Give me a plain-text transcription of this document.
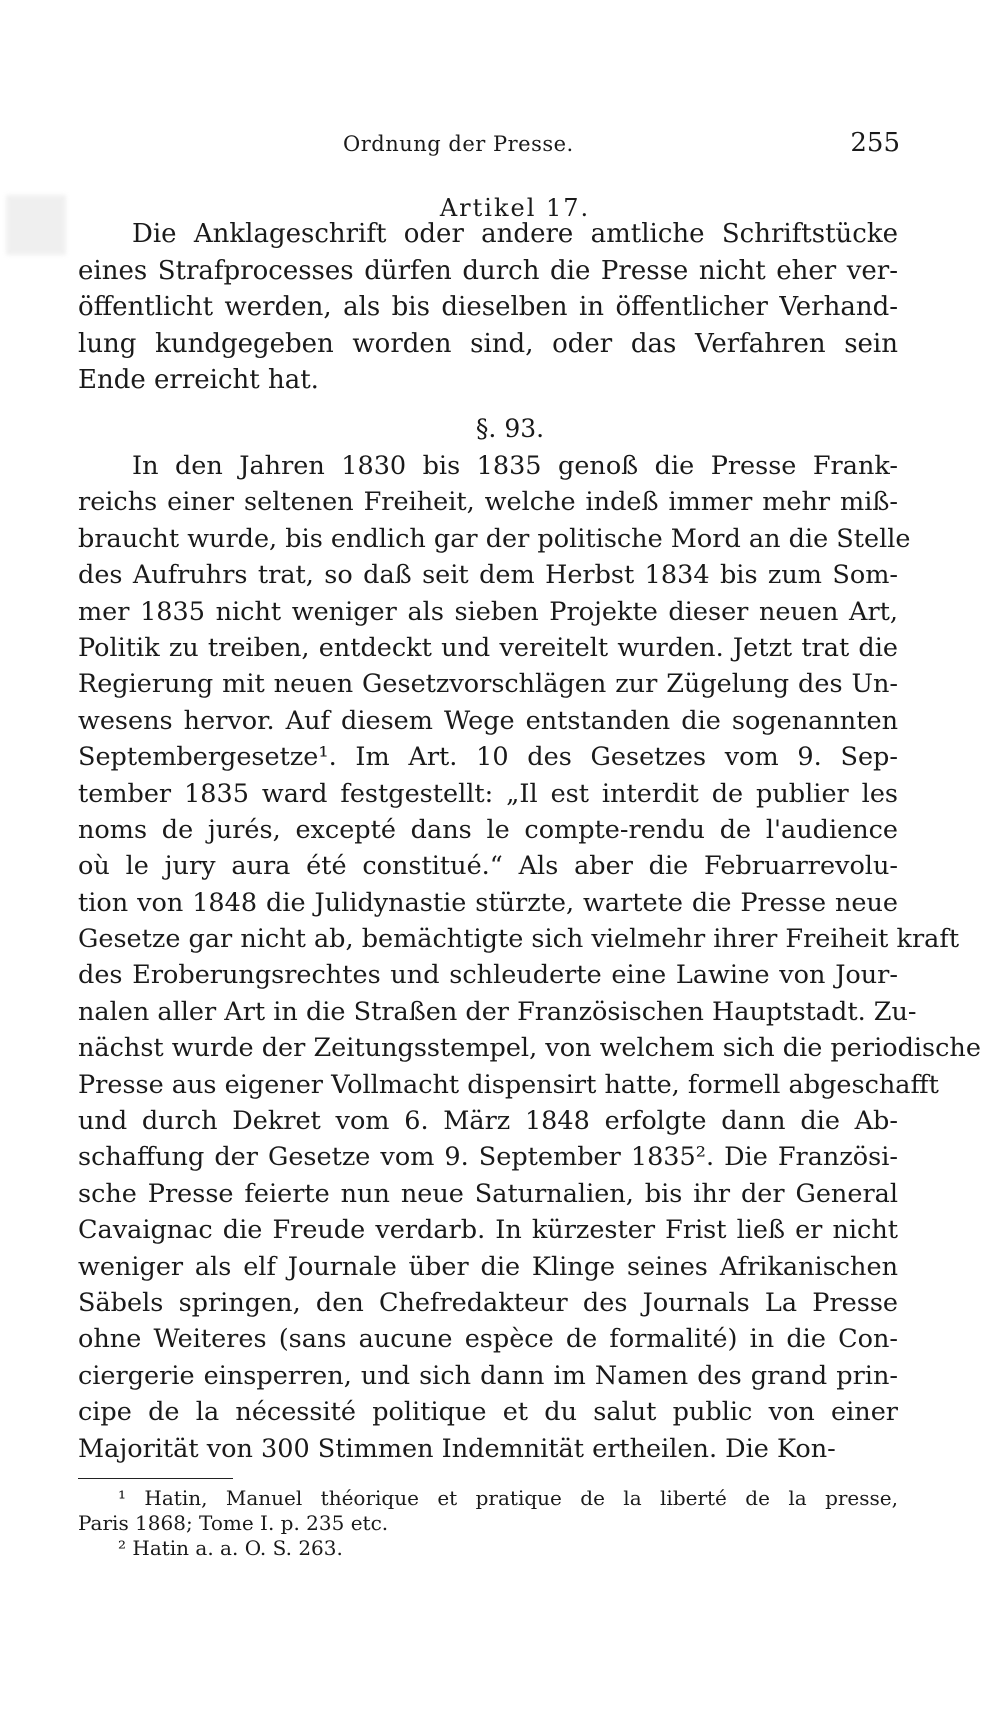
Ordnung der Presse.	255
Artikel 17.
Die Anklageschrift oder andere amtliche Schriftstücke
eines Strafprocesses dürfen durch die Presse nicht eher ver-
öffentlicht werden, als bis dieselben in öffentlicher Verhand-
lung kundgegeben worden sind, oder das Verfahren sein
Ende erreicht hat.
§. 93.
In den Jahren 1830 bis 1835 genoß die Presse Frank-
reichs einer seltenen Freiheit, welche indeß immer mehr miß-
braucht wurde, bis endlich gar der politische Mord an die Stelle
des Aufruhrs trat, so daß seit dem Herbst 1834 bis zum Som-
mer 1835 nicht weniger als sieben Projekte dieser neuen Art,
Politik zu treiben, entdeckt und vereitelt wurden. Jetzt trat die
Regierung mit neuen Gesetzvorschlägen zur Zügelung des Un-
wesens hervor. Auf diesem Wege entstanden die sogenannten
Septembergesetze¹. Im Art. 10 des Gesetzes vom 9. Sep-
tember 1835 ward festgestellt: „Il est interdit de publier les
noms de jurés, excepté dans le compte-rendu de l'audience
où le jury aura été constitué.“ Als aber die Februarrevolu-
tion von 1848 die Julidynastie stürzte, wartete die Presse neue
Gesetze gar nicht ab, bemächtigte sich vielmehr ihrer Freiheit kraft
des Eroberungsrechtes und schleuderte eine Lawine von Jour-
nalen aller Art in die Straßen der Französischen Hauptstadt. Zu-
nächst wurde der Zeitungsstempel, von welchem sich die periodische
Presse aus eigener Vollmacht dispensirt hatte, formell abgeschafft
und durch Dekret vom 6. März 1848 erfolgte dann die Ab-
schaffung der Gesetze vom 9. September 1835². Die Französi-
sche Presse feierte nun neue Saturnalien, bis ihr der General
Cavaignac die Freude verdarb. In kürzester Frist ließ er nicht
weniger als elf Journale über die Klinge seines Afrikanischen
Säbels springen, den Chefredakteur des Journals La Presse
ohne Weiteres (sans aucune espèce de formalité) in die Con-
ciergerie einsperren, und sich dann im Namen des grand prin-
cipe de la nécessité politique et du salut public von einer
Majorität von 300 Stimmen Indemnität ertheilen. Die Kon-
¹ Hatin, Manuel théorique et pratique de la liberté de la presse,
Paris 1868; Tome I. p. 235 etc.
² Hatin a. a. O. S. 263.
